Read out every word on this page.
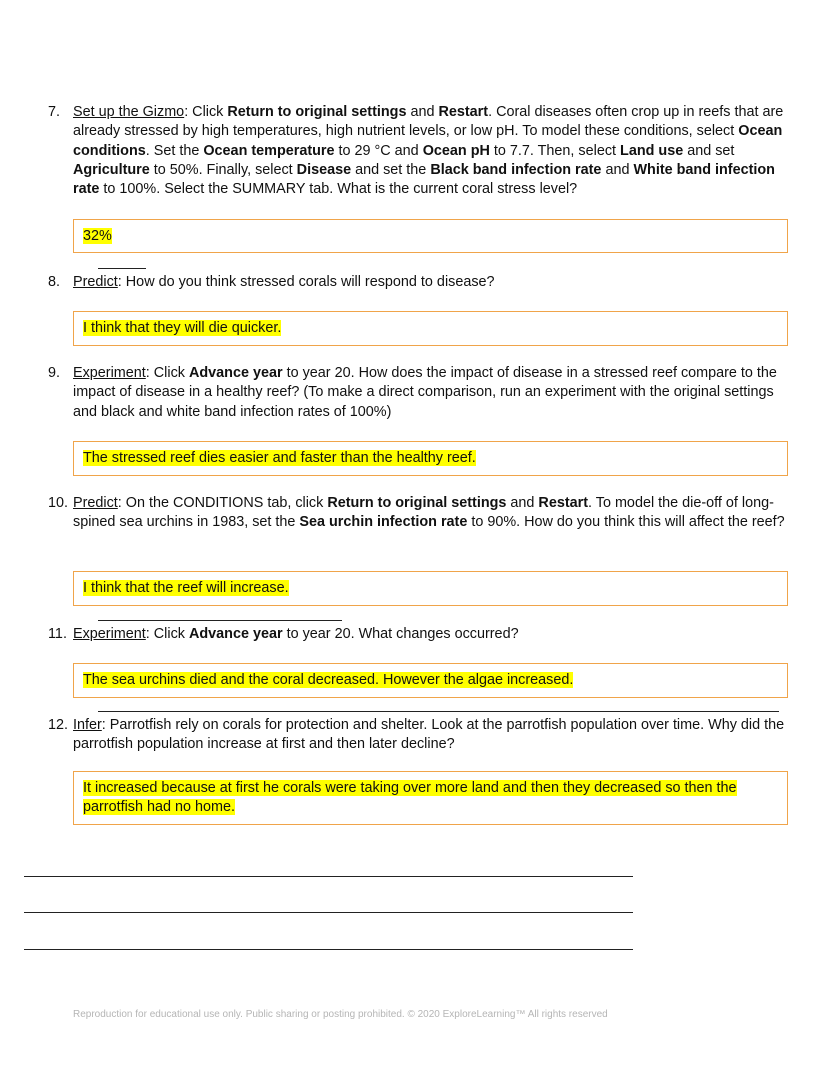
7. Set up the Gizmo: Click Return to original settings and Restart. Coral diseases often crop up in reefs that are already stressed by high temperatures, high nutrient levels, or low pH. To model these conditions, select Ocean conditions. Set the Ocean temperature to 29 °C and Ocean pH to 7.7. Then, select Land use and set Agriculture to 50%. Finally, select Disease and set the Black band infection rate and White band infection rate to 100%. Select the SUMMARY tab. What is the current coral stress level?
32%
8. Predict: How do you think stressed corals will respond to disease?
I think that they will die quicker.
9. Experiment: Click Advance year to year 20. How does the impact of disease in a stressed reef compare to the impact of disease in a healthy reef? (To make a direct comparison, run an experiment with the original settings and black and white band infection rates of 100%)
The stressed reef dies easier and faster than the healthy reef.
10. Predict: On the CONDITIONS tab, click Return to original settings and Restart. To model the die-off of long-spined sea urchins in 1983, set the Sea urchin infection rate to 90%. How do you think this will affect the reef?
I think that the reef will increase.
11. Experiment: Click Advance year to year 20. What changes occurred?
The sea urchins died and the coral decreased. However the algae increased.
12. Infer: Parrotfish rely on corals for protection and shelter. Look at the parrotfish population over time. Why did the parrotfish population increase at first and then later decline?
It increased because at first he corals were taking over more land and then they decreased so then the parrotfish had no home.
Reproduction for educational use only. Public sharing or posting prohibited. © 2020 ExploreLearning™ All rights reserved
